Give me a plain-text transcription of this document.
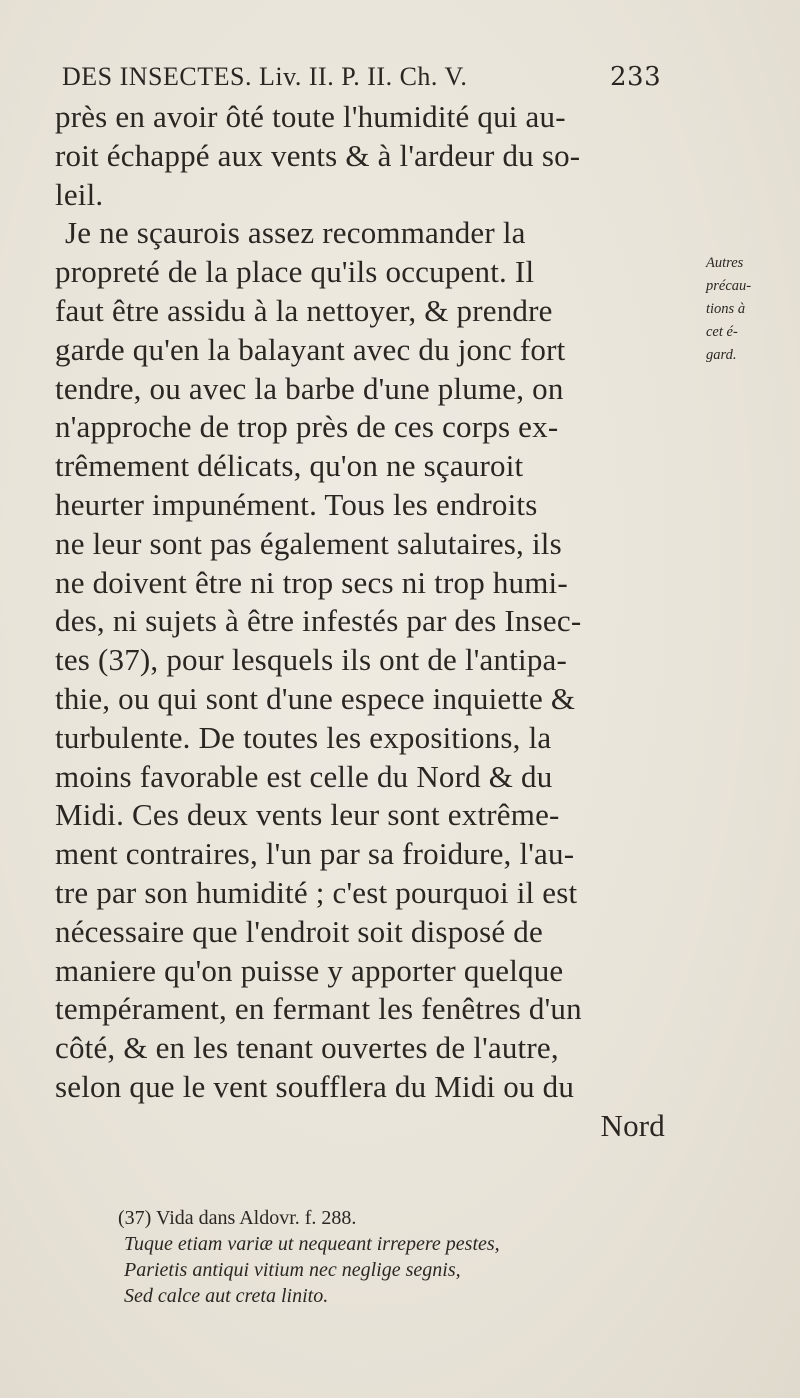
DES INSECTES. Liv. II. P. II. Ch. V.	233
près en avoir ôté toute l'humidité qui au-
roit échappé aux vents & à l'ardeur du so-
leil.
Je ne sçaurois assez recommander la
propreté de la place qu'ils occupent. Il
faut être assidu à la nettoyer, & prendre
garde qu'en la balayant avec du jonc fort
tendre, ou avec la barbe d'une plume, on
n'approche de trop près de ces corps ex-
trêmement délicats, qu'on ne sçauroit
heurter impunément. Tous les endroits
ne leur sont pas également salutaires, ils
ne doivent être ni trop secs ni trop humi-
des, ni sujets à être infestés par des Insec-
tes (37), pour lesquels ils ont de l'antipa-
thie, ou qui sont d'une espece inquiette &
turbulente. De toutes les expositions, la
moins favorable est celle du Nord & du
Midi. Ces deux vents leur sont extrême-
ment contraires, l'un par sa froidure, l'au-
tre par son humidité ; c'est pourquoi il est
nécessaire que l'endroit soit disposé de
maniere qu'on puisse y apporter quelque
tempérament, en fermant les fenêtres d'un
côté, & en les tenant ouvertes de l'autre,
selon que le vent soufflera du Midi ou du
Nord
Autres
précau-
tions à
cet é-
gard.
(37) Vida dans Aldovr. f. 288.
Tuque etiam variæ ut nequeant irrepere pestes,
Parietis antiqui vitium nec neglige segnis,
Sed calce aut creta linito.
